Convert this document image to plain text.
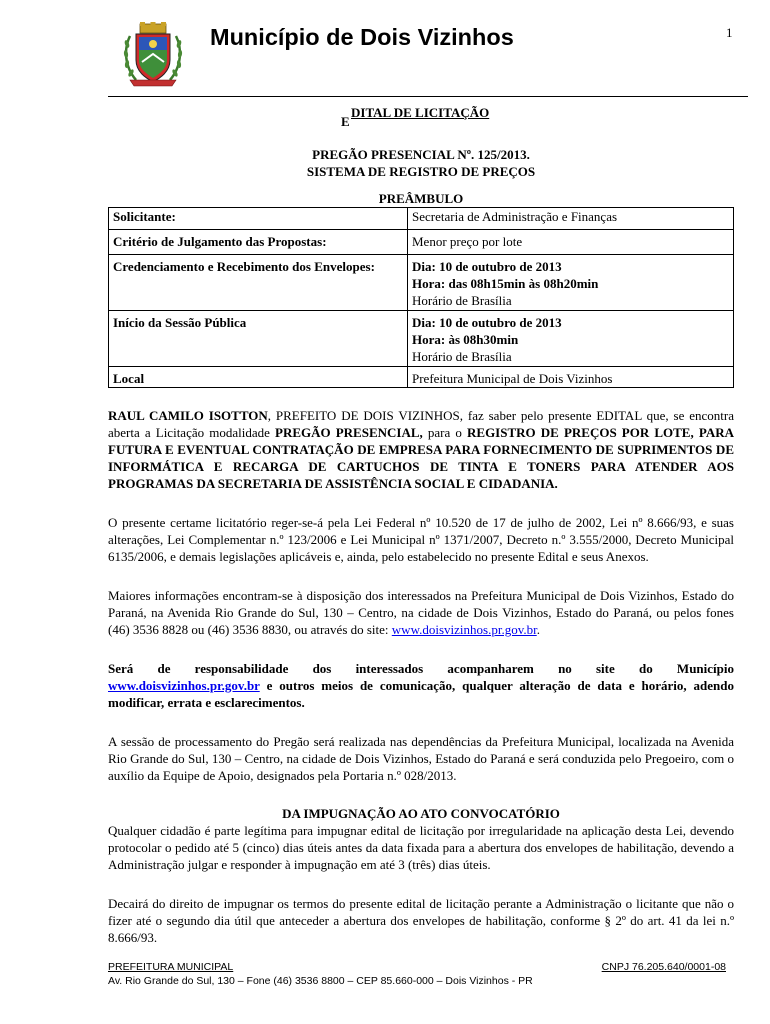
Município de Dois Vizinhos	1
E
DITAL DE LICITAÇÃO
PREGÃO PRESENCIAL Nº. 125/2013.
SISTEMA DE REGISTRO DE PREÇOS
PREÂMBULO
Solicitante:	Secretaria de Administração e Finanças
Critério de Julgamento das Propostas:	Menor preço por lote
Credenciamento e Recebimento dos Envelopes:	Dia: 10 de outubro de 2013
Hora: das 08h15min às 08h20min
Horário de Brasília

Início da Sessão Pública	Dia: 10 de outubro de 2013
Hora: às 08h30min
Horário de Brasília

Local	Prefeitura Municipal de Dois Vizinhos

RAUL CAMILO ISOTTON, PREFEITO DE DOIS VIZINHOS, faz saber pelo presente EDITAL que, se encontra aberta a Licitação modalidade PREGÃO PRESENCIAL, para o REGISTRO DE PREÇOS POR LOTE, PARA FUTURA E EVENTUAL CONTRATAÇÃO DE EMPRESA PARA FORNECIMENTO DE SUPRIMENTOS DE INFORMÁTICA E RECARGA DE CARTUCHOS DE TINTA E TONERS PARA ATENDER AOS PROGRAMAS DA SECRETARIA DE ASSISTÊNCIA SOCIAL E CIDADANIA.

O presente certame licitatório reger-se-á pela Lei Federal nº 10.520 de 17 de julho de 2002, Lei nº 8.666/93, e suas alterações, Lei Complementar n.º 123/2006 e Lei Municipal nº 1371/2007, Decreto n.º 3.555/2000, Decreto Municipal 6135/2006, e demais legislações aplicáveis e, ainda, pelo estabelecido no presente Edital e seus Anexos.

Maiores informações encontram-se à disposição dos interessados na Prefeitura Municipal de Dois Vizinhos, Estado do Paraná, na Avenida Rio Grande do Sul, 130 – Centro, na cidade de Dois Vizinhos, Estado do Paraná, ou pelos fones (46) 3536 8828 ou (46) 3536 8830, ou através do site: www.doisvizinhos.pr.gov.br.

Será de responsabilidade dos interessados acompanharem no site do Município

www.doisvizinhos.pr.gov.br e outros meios de comunicação, qualquer alteração de data e horário, adendo modificar, errata e esclarecimentos.

A sessão de processamento do Pregão será realizada nas dependências da Prefeitura Municipal, localizada na Avenida Rio Grande do Sul, 130 – Centro, na cidade de Dois Vizinhos, Estado do Paraná e será conduzida pelo Pregoeiro, com o auxílio da Equipe de Apoio, designados pela Portaria n.º 028/2013.

DA IMPUGNAÇÃO AO ATO CONVOCATÓRIO

Qualquer cidadão é parte legítima para impugnar edital de licitação por irregularidade na aplicação desta Lei, devendo protocolar o pedido até 5 (cinco) dias úteis antes da data fixada para a abertura dos envelopes de habilitação, devendo a Administração julgar e responder à impugnação em até 3 (três) dias úteis.

Decairá do direito de impugnar os termos do presente edital de licitação perante a Administração o licitante que não o fizer até o segundo dia útil que anteceder a abertura dos envelopes de habilitação, conforme § 2º do art. 41 da lei n.º 8.666/93.

PREFEITURA MUNICIPAL	CNPJ 76.205.640/0001-08
Av. Rio Grande do Sul, 130 – Fone (46) 3536 8800 – CEP 85.660-000 – Dois Vizinhos - PR
